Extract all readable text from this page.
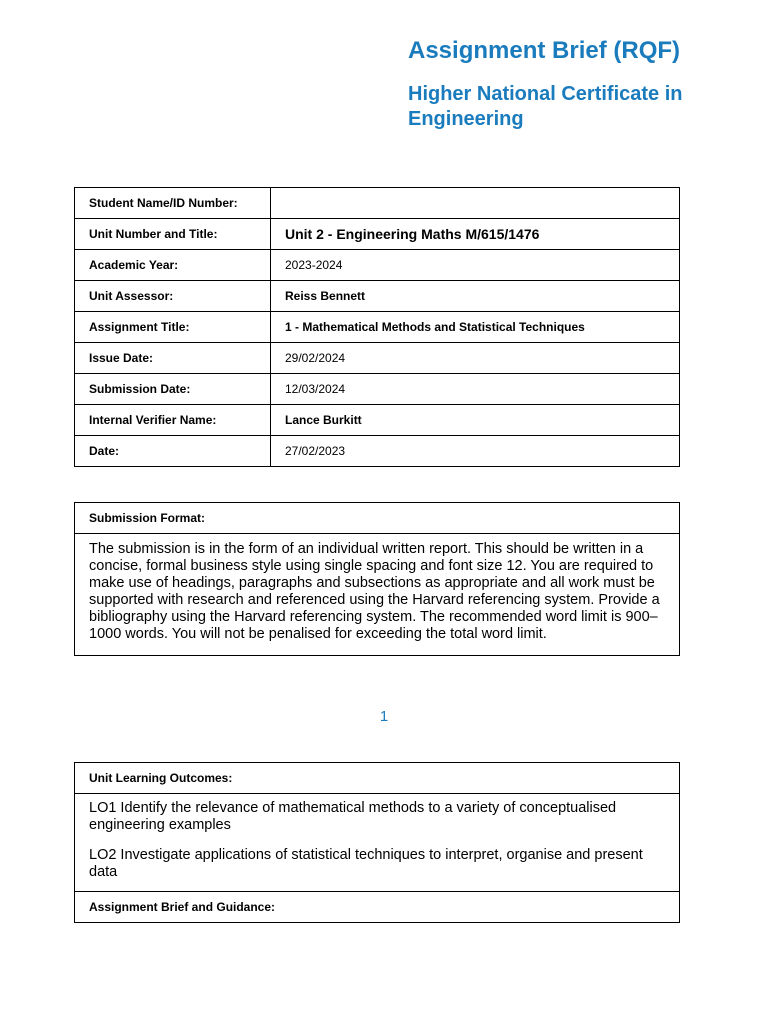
Assignment Brief (RQF)
Higher National Certificate in Engineering
Student Name/ID Number:	
Unit Number and Title:	Unit 2 - Engineering Maths M/615/1476
Academic Year:	2023-2024
Unit Assessor:	Reiss Bennett
Assignment Title:	1 - Mathematical Methods and Statistical Techniques
Issue Date:	29/02/2024
Submission Date:	12/03/2024
Internal Verifier Name:	Lance Burkitt
Date:	27/02/2023
Submission Format:
The submission is in the form of an individual written report. This should be written in a concise, formal business style using single spacing and font size 12. You are required to make use of headings, paragraphs and subsections as appropriate and all work must be supported with research and referenced using the Harvard referencing system. Provide a bibliography using the Harvard referencing system. The recommended word limit is 900–1000 words. You will not be penalised for exceeding the total word limit.
1
Unit Learning Outcomes:

LO1 Identify the relevance of mathematical methods to a variety of conceptualised engineering examples

LO2 Investigate applications of statistical techniques to interpret, organise and present data

Assignment Brief and Guidance:
